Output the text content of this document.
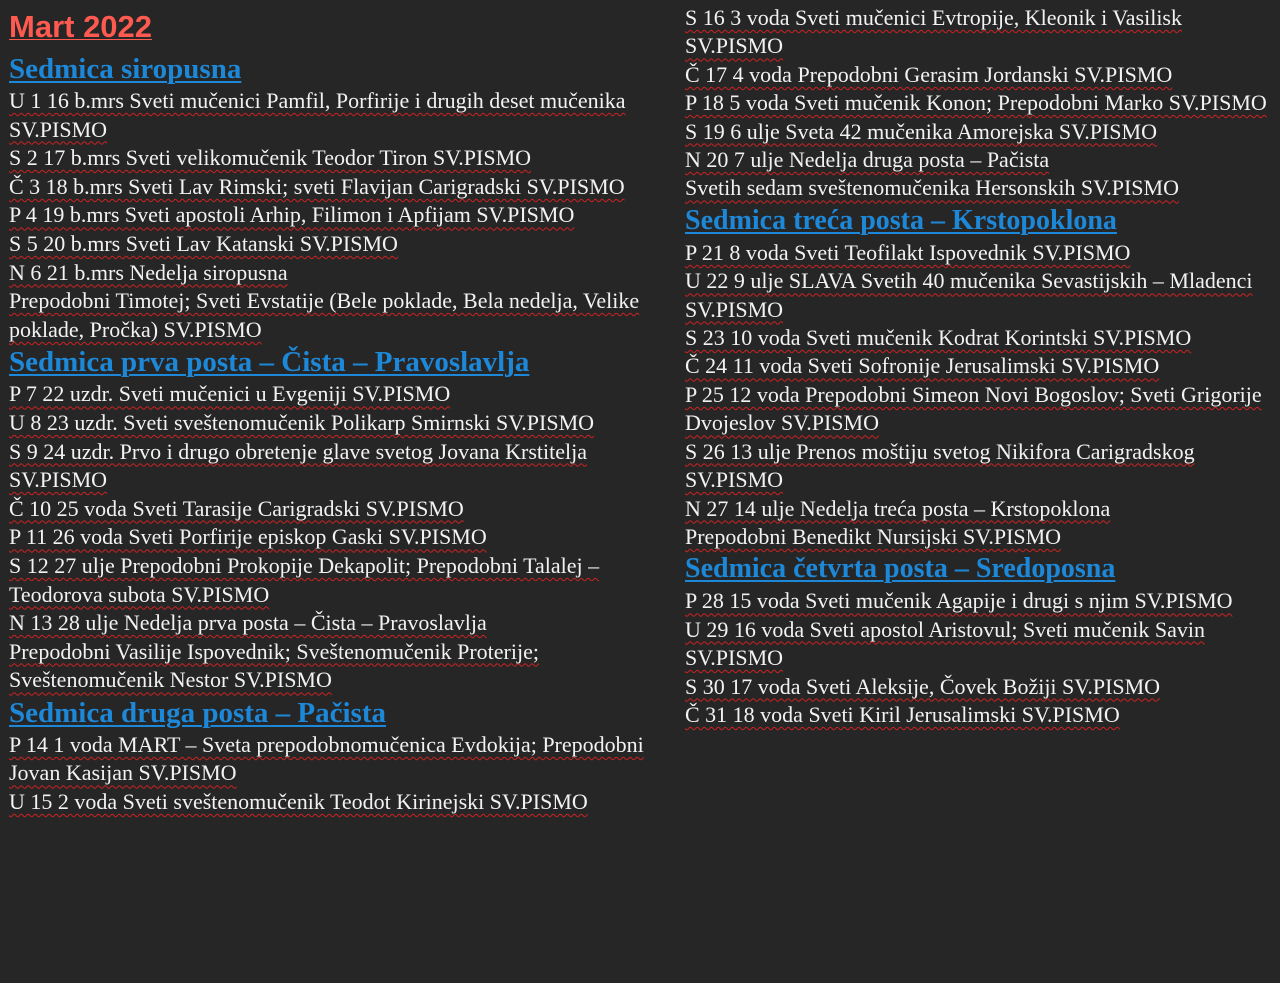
Mart 2022
Sedmica siropusna
U 1 16 b.mrs Sveti mučenici Pamfil, Porfirije i drugih deset mučenika SV.PISMO
S 2 17 b.mrs Sveti velikomučenik Teodor Tiron SV.PISMO
Č 3 18 b.mrs Sveti Lav Rimski; sveti Flavijan Carigradski SV.PISMO
P 4 19 b.mrs Sveti apostoli Arhip, Filimon i Apfijam SV.PISMO
S 5 20 b.mrs Sveti Lav Katanski SV.PISMO
N 6 21 b.mrs Nedelja siropusna
Prepodobni Timotej; Sveti Evstatije (Bele poklade, Bela nedelja, Velike poklade, Pročka) SV.PISMO
Sedmica prva posta – Čista – Pravoslavlja
P 7 22 uzdr. Sveti mučenici u Evgeniji SV.PISMO
U 8 23 uzdr. Sveti sveštenomučenik Polikarp Smirnski SV.PISMO
S 9 24 uzdr. Prvo i drugo obretenje glave svetog Jovana Krstitelja SV.PISMO
Č 10 25 voda Sveti Tarasije Carigradski SV.PISMO
P 11 26 voda Sveti Porfirije episkop Gaski SV.PISMO
S 12 27 ulje Prepodobni Prokopije Dekapolit; Prepodobni Talalej – Teodorova subota SV.PISMO
N 13 28 ulje Nedelja prva posta – Čista – Pravoslavlja
Prepodobni Vasilije Ispovednik; Sveštenomučenik Proterije; Sveštenomučenik Nestor SV.PISMO
Sedmica druga posta – Pačista
P 14 1 voda MART – Sveta prepodobnomučenica Evdokija; Prepodobni Jovan Kasijan SV.PISMO
U 15 2 voda Sveti sveštenomučenik Teodot Kirinejski SV.PISMO
S 16 3 voda Sveti mučenici Evtropije, Kleonik i Vasilisk SV.PISMO
Č 17 4 voda Prepodobni Gerasim Jordanski SV.PISMO
P 18 5 voda Sveti mučenik Konon; Prepodobni Marko SV.PISMO
S 19 6 ulje Sveta 42 mučenika Amorejska SV.PISMO
N 20 7 ulje Nedelja druga posta – Pačista
Svetih sedam sveštenomučenika Hersonskih SV.PISMO
Sedmica treća posta – Krstopoklona
P 21 8 voda Sveti Teofilakt Ispovednik SV.PISMO
U 22 9 ulje SLAVA Svetih 40 mučenika Sevastijskih – Mladenci SV.PISMO
S 23 10 voda Sveti mučenik Kodrat Korintski SV.PISMO
Č 24 11 voda Sveti Sofronije Jerusalimski SV.PISMO
P 25 12 voda Prepodobni Simeon Novi Bogoslov; Sveti Grigorije Dvojeslov SV.PISMO
S 26 13 ulje Prenos moštiju svetog Nikifora Carigradskog SV.PISMO
N 27 14 ulje Nedelja treća posta – Krstopoklona
Prepodobni Benedikt Nursijski SV.PISMO
Sedmica četvrta posta – Sredoposna
P 28 15 voda Sveti mučenik Agapije i drugi s njim SV.PISMO
U 29 16 voda Sveti apostol Aristovul; Sveti mučenik Savin SV.PISMO
S 30 17 voda Sveti Aleksije, Čovek Božiji SV.PISMO
Č 31 18 voda Sveti Kiril Jerusalimski SV.PISMO
